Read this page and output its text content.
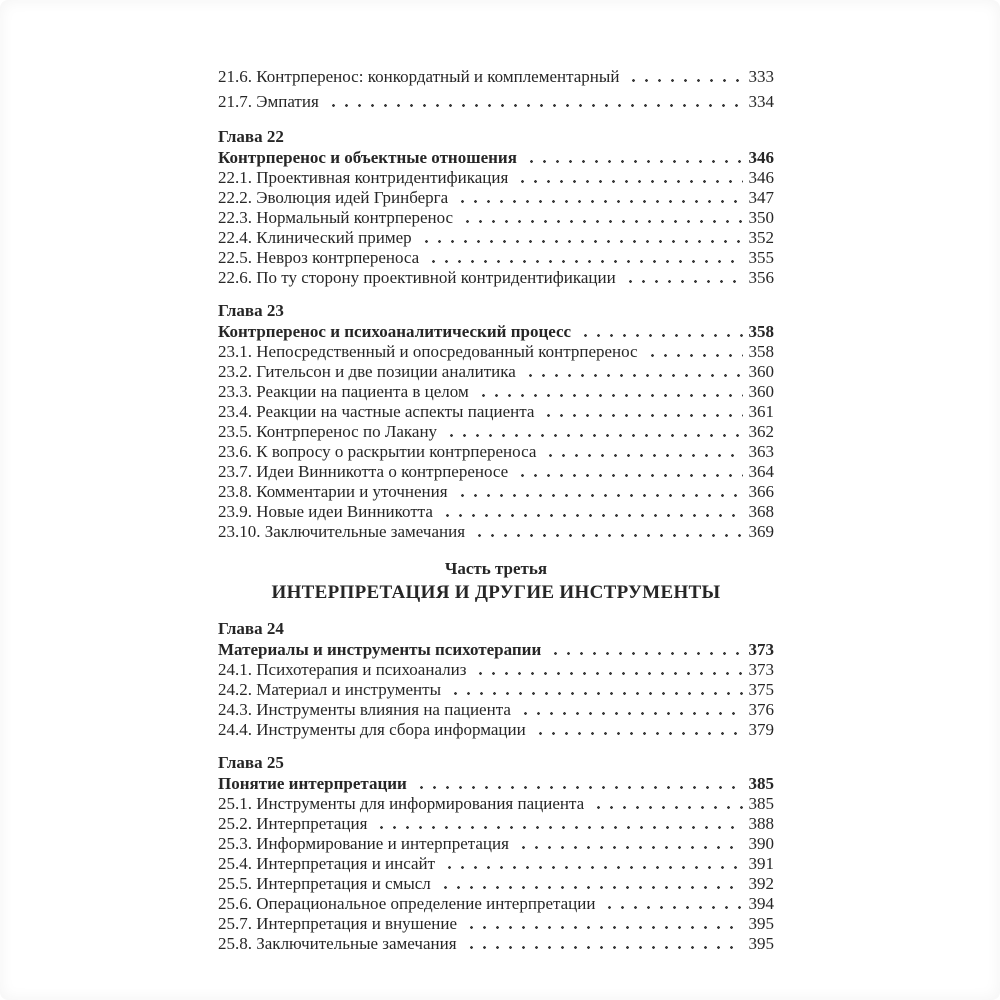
21.6. Контрперенос: конкордатный и комплементарный	333
21.7. Эмпатия	334
Глава 22
Контрперенос и объектные отношения	346
22.1. Проективная контридентификация	346
22.2. Эволюция идей Гринберга	347
22.3. Нормальный контрперенос	350
22.4. Клинический пример	352
22.5. Невроз контрпереноса	355
22.6. По ту сторону проективной контридентификации	356
Глава 23
Контрперенос и психоаналитический процесс	358
23.1. Непосредственный и опосредованный контрперенос	358
23.2. Гительсон и две позиции аналитика	360
23.3. Реакции на пациента в целом	360
23.4. Реакции на частные аспекты пациента	361
23.5. Контрперенос по Лакану	362
23.6. К вопросу о раскрытии контрпереноса	363
23.7. Идеи Винникотта о контрпереносе	364
23.8. Комментарии и уточнения	366
23.9. Новые идеи Винникотта	368
23.10. Заключительные замечания	369
Часть третья
ИНТЕРПРЕТАЦИЯ И ДРУГИЕ ИНСТРУМЕНТЫ
Глава 24
Материалы и инструменты психотерапии	373
24.1. Психотерапия и психоанализ	373
24.2. Материал и инструменты	375
24.3. Инструменты влияния на пациента	376
24.4. Инструменты для сбора информации	379
Глава 25
Понятие интерпретации	385
25.1. Инструменты для информирования пациента	385
25.2. Интерпретация	388
25.3. Информирование и интерпретация	390
25.4. Интерпретация и инсайт	391
25.5. Интерпретация и смысл	392
25.6. Операциональное определение интерпретации	394
25.7. Интерпретация и внушение	395
25.8. Заключительные замечания	395
